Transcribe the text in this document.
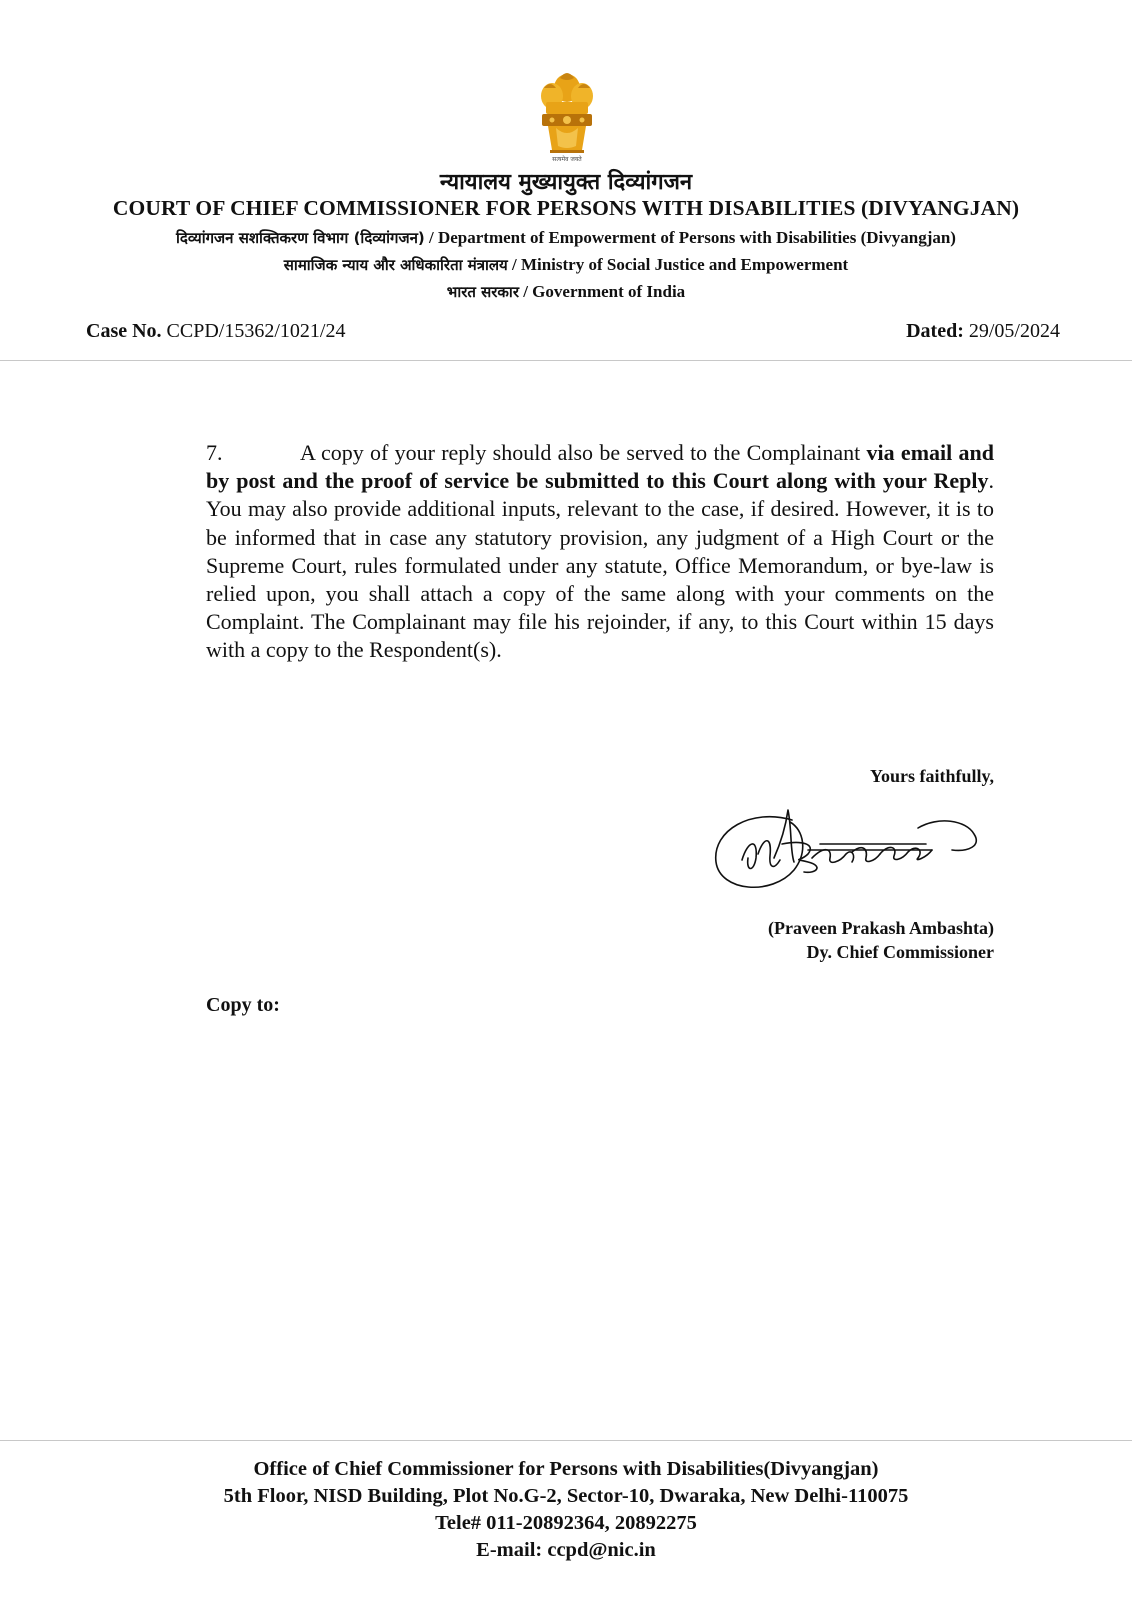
सत्यमेव जयते
न्यायालय मुख्यायुक्त दिव्यांगजन
COURT OF CHIEF COMMISSIONER FOR PERSONS WITH DISABILITIES (DIVYANGJAN)
दिव्यांगजन सशक्तिकरण विभाग (दिव्यांगजन) / Department of Empowerment of Persons with Disabilities (Divyangjan)
सामाजिक न्याय और अधिकारिता मंत्रालय / Ministry of Social Justice and Empowerment
भारत सरकार / Government of India
Case No. CCPD/15362/1021/24	Dated: 29/05/2024
7.	A copy of your reply should also be served to the Complainant via email and by post and the proof of service be submitted to this Court along with your Reply. You may also provide additional inputs, relevant to the case, if desired. However, it is to be informed that in case any statutory provision, any judgment of a High Court or the Supreme Court, rules formulated under any statute, Office Memorandum, or bye-law is relied upon, you shall attach a copy of the same along with your comments on the Complaint. The Complainant may file his rejoinder, if any, to this Court within 15 days with a copy to the Respondent(s).
Yours faithfully,
(Praveen Prakash Ambashta)
Dy. Chief Commissioner
Copy to:
Office of Chief Commissioner for Persons with Disabilities(Divyangjan)
5th Floor, NISD Building, Plot No.G-2, Sector-10, Dwaraka, New Delhi-110075
Tele# 011-20892364, 20892275
E-mail: ccpd@nic.in
